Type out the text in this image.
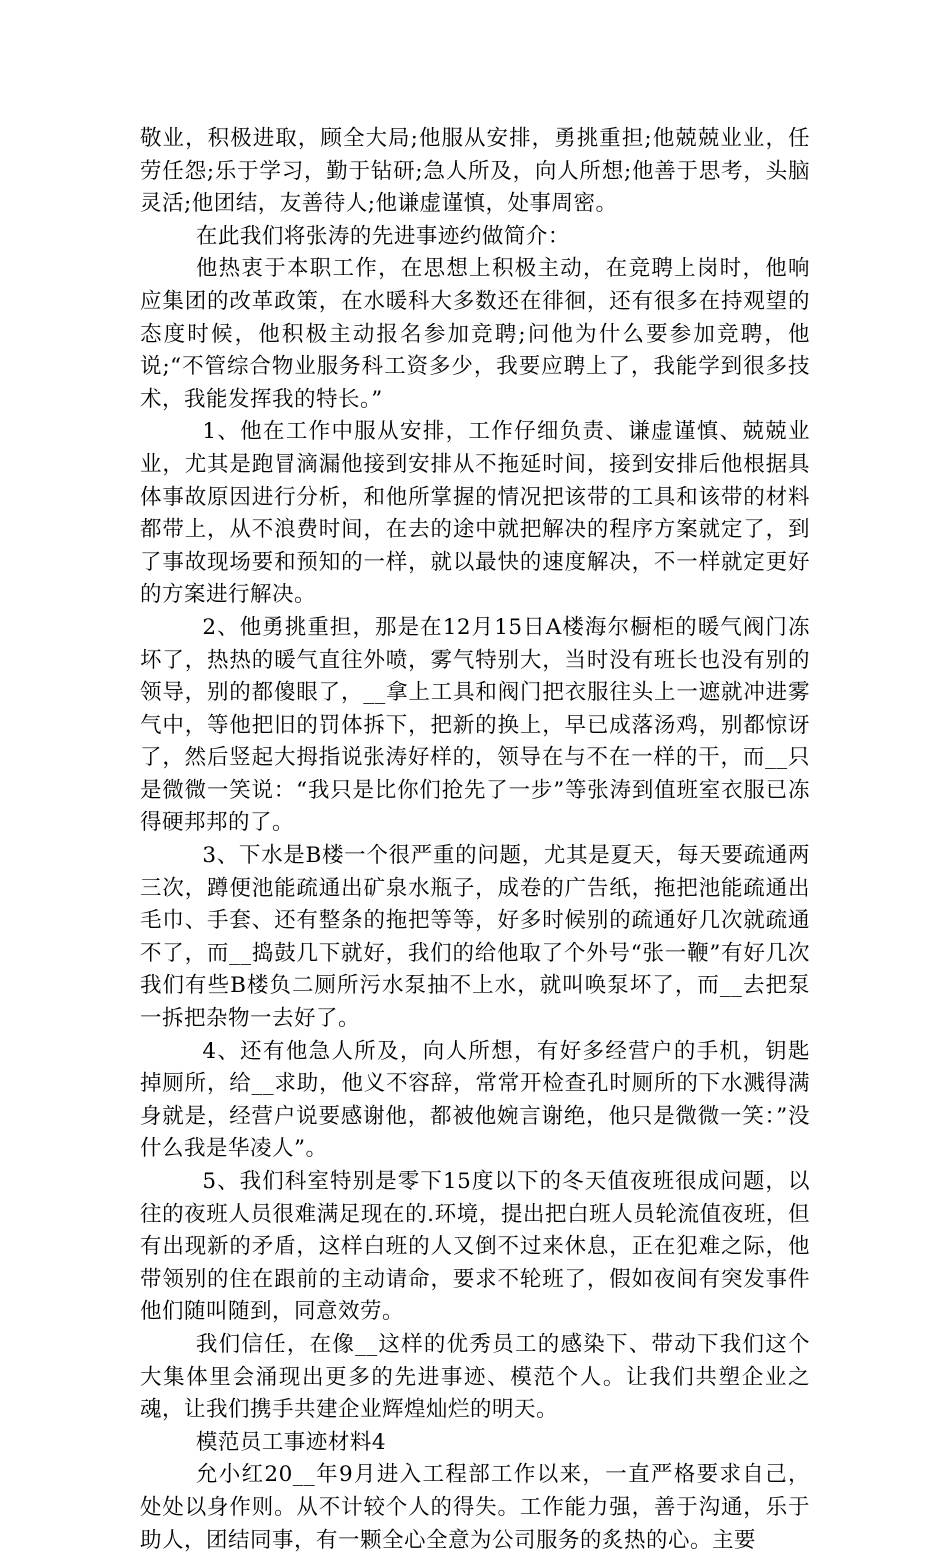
敬业，积极进取，顾全大局;他服从安排，勇挑重担;他兢兢业业，任劳任怨;乐于学习，勤于钻研;急人所及，向人所想;他善于思考，头脑灵活;他团结，友善待人;他谦虚谨慎，处事周密。

在此我们将张涛的先进事迹约做简介：

他热衷于本职工作，在思想上积极主动，在竞聘上岗时，他响应集团的改革政策，在水暖科大多数还在徘徊，还有很多在持观望的态度时候，他积极主动报名参加竞聘;问他为什么要参加竞聘，他说;“不管综合物业服务科工资多少，我要应聘上了，我能学到很多技术，我能发挥我的特长。”

1、他在工作中服从安排，工作仔细负责、谦虚谨慎、兢兢业业，尤其是跑冒滴漏他接到安排从不拖延时间，接到安排后他根据具体事故原因进行分析，和他所掌握的情况把该带的工具和该带的材料都带上，从不浪费时间，在去的途中就把解决的程序方案就定了，到了事故现场要和预知的一样，就以最快的速度解决，不一样就定更好的方案进行解决。

2、他勇挑重担，那是在12月15日A楼海尔橱柜的暖气阀门冻坏了，热热的暖气直往外喷，雾气特别大，当时没有班长也没有别的领导，别的都傻眼了，__拿上工具和阀门把衣服往头上一遮就冲进雾气中，等他把旧的罚体拆下，把新的换上，早已成落汤鸡，别都惊讶了，然后竖起大拇指说张涛好样的，领导在与不在一样的干，而__只是微微一笑说：“我只是比你们抢先了一步”等张涛到值班室衣服已冻得硬邦邦的了。

3、下水是B楼一个很严重的问题，尤其是夏天，每天要疏通两三次，蹲便池能疏通出矿泉水瓶子，成卷的广告纸，拖把池能疏通出毛巾、手套、还有整条的拖把等等，好多时候别的疏通好几次就疏通不了，而__捣鼓几下就好，我们的给他取了个外号“张一鞭”有好几次我们有些B楼负二厕所污水泵抽不上水，就叫唤泵坏了，而__去把泵一拆把杂物一去好了。

4、还有他急人所及，向人所想，有好多经营户的手机，钥匙掉厕所，给__求助，他义不容辞，常常开检查孔时厕所的下水溅得满身就是，经营户说要感谢他，都被他婉言谢绝，他只是微微一笑：”没什么我是华凌人”。

5、我们科室特别是零下15度以下的冬天值夜班很成问题，以往的夜班人员很难满足现在的.环境，提出把白班人员轮流值夜班，但有出现新的矛盾，这样白班的人又倒不过来休息，正在犯难之际，他带领别的住在跟前的主动请命，要求不轮班了，假如夜间有突发事件他们随叫随到，同意效劳。

我们信任，在像__这样的优秀员工的感染下、带动下我们这个大集体里会涌现出更多的先进事迹、模范个人。让我们共塑企业之魂，让我们携手共建企业辉煌灿烂的明天。

模范员工事迹材料4

允小红20__年9月进入工程部工作以来，一直严格要求自己，处处以身作则。从不计较个人的得失。工作能力强，善于沟通，乐于助人，团结同事，有一颗全心全意为公司服务的炙热的心。主要
